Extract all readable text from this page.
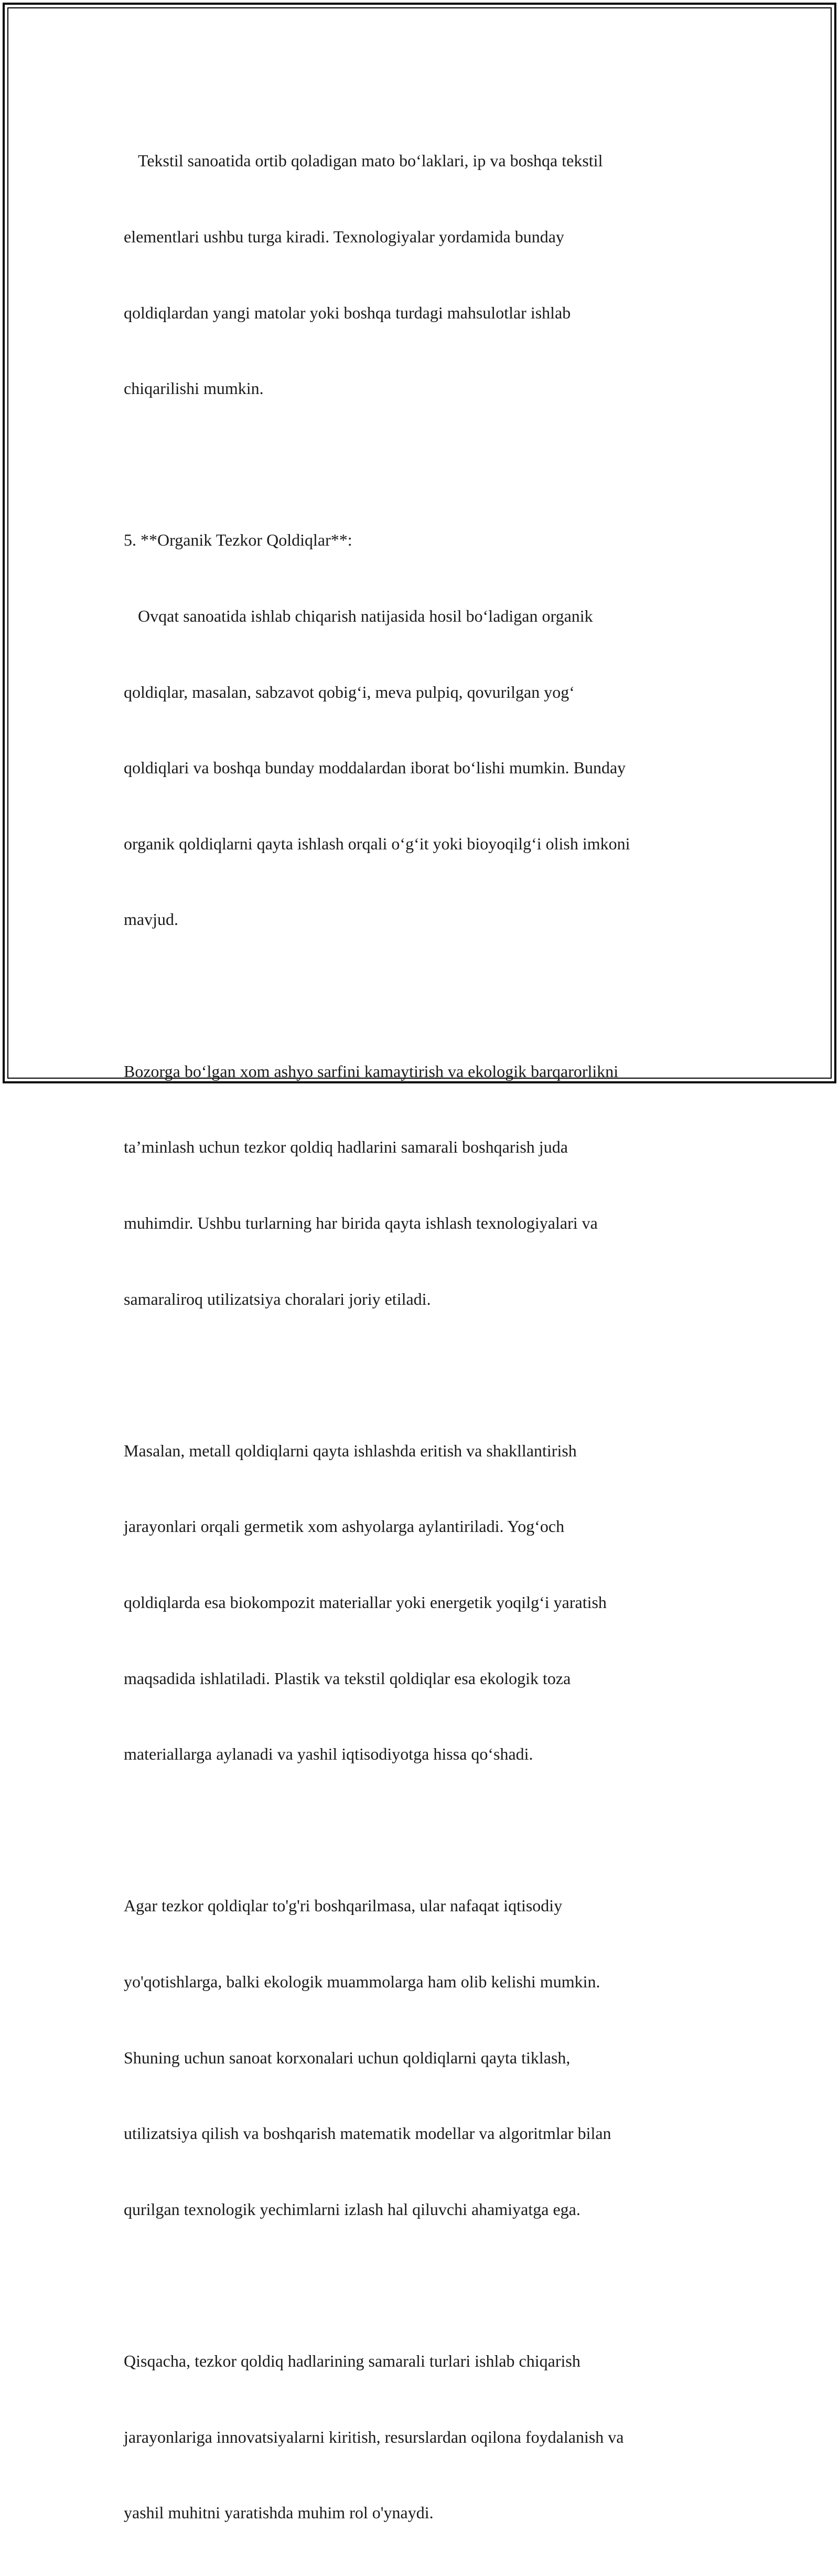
Tekstil sanoatida ortib qoladigan mato bo‘laklari, ip va boshqa tekstil

elementlari ushbu turga kiradi. Texnologiyalar yordamida bunday

qoldiqlardan yangi matolar yoki boshqa turdagi mahsulotlar ishlab

chiqarilishi mumkin.

5. **Organik Tezkor Qoldiqlar**:

Ovqat sanoatida ishlab chiqarish natijasida hosil bo‘ladigan organik

qoldiqlar, masalan, sabzavot qobig‘i, meva pulpiq, qovurilgan yog‘

qoldiqlari va boshqa bunday moddalardan iborat bo‘lishi mumkin. Bunday

organik qoldiqlarni qayta ishlash orqali o‘g‘it yoki bioyoqilg‘i olish imkoni

mavjud.

Bozorga bo‘lgan xom ashyo sarfini kamaytirish va ekologik barqarorlikni

ta’minlash uchun tezkor qoldiq hadlarini samarali boshqarish juda

muhimdir. Ushbu turlarning har birida qayta ishlash texnologiyalari va

samaraliroq utilizatsiya choralari joriy etiladi.

Masalan, metall qoldiqlarni qayta ishlashda eritish va shakllantirish

jarayonlari orqali germetik xom ashyolarga aylantiriladi. Yog‘och

qoldiqlarda esa biokompozit materiallar yoki energetik yoqilg‘i yaratish

maqsadida ishlatiladi. Plastik va tekstil qoldiqlar esa ekologik toza

materiallarga aylanadi va yashil iqtisodiyotga hissa qo‘shadi.

Agar tezkor qoldiqlar to'g'ri boshqarilmasa, ular nafaqat iqtisodiy

yo'qotishlarga, balki ekologik muammolarga ham olib kelishi mumkin.

Shuning uchun sanoat korxonalari uchun qoldiqlarni qayta tiklash,

utilizatsiya qilish va boshqarish matematik modellar va algoritmlar bilan

qurilgan texnologik yechimlarni izlash hal qiluvchi ahamiyatga ega.

Qisqacha, tezkor qoldiq hadlarining samarali turlari ishlab chiqarish

jarayonlariga innovatsiyalarni kiritish, resurslardan oqilona foydalanish va

yashil muhitni yaratishda muhim rol o'ynaydi.
